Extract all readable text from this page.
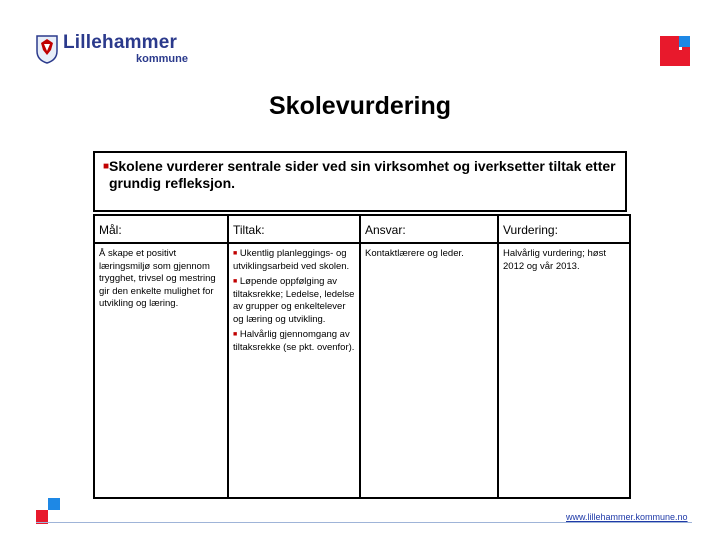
Lillehammer
kommune
Skolevurdering
■Skolene vurderer sentrale sider ved sin virksomhet og iverksetter tiltak etter
grundig refleksjon.
Mål:	Tiltak:	Ansvar:	Vurdering:
Å skape et positivt læringsmiljø som gjennom trygghet, trivsel og mestring gir den enkelte mulighet for utvikling og læring.	■ Ukentlig planleggings- og utviklingsarbeid ved skolen.

■ Løpende oppfølging av tiltaksrekke; Ledelse, ledelse av grupper og enkeltelever og læring og utvikling.

■ Halvårlig gjennomgang av tiltaksrekke (se pkt. ovenfor).	Kontaktlærere og leder.	Halvårlig vurdering; høst 2012 og vår 2013.
www.lillehammer.kommune.no
